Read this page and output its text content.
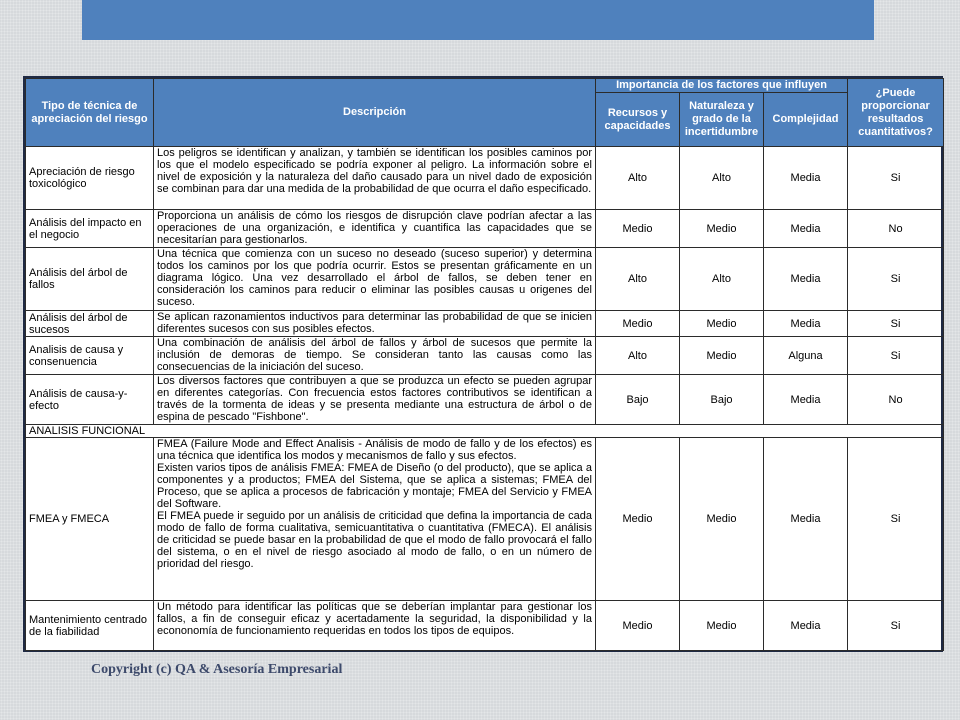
Tipo de técnica de apreciación del riesgo	Descripción	Importancia de los factores que influyen			¿Puede proporcionar resultados cuantitativos?
		Recursos y capacidades	Naturaleza y grado de la incertidumbre	Complejidad	
Apreciación de riesgo toxicológico	Los peligros se identifican y analizan, y también se identifican los posibles caminos por los que el modelo especificado se podría exponer al peligro. La información sobre el nivel de exposición y la naturaleza del daño causado para un nivel dado de exposición se combinan para dar una medida de la probabilidad de que ocurra el daño especificado.	Alto	Alto	Media	Si
Análisis del impacto en el negocio	Proporciona un análisis de cómo los riesgos de disrupción clave podrían afectar a las operaciones de una organización, e identifica y cuantifica las capacidades que se necesitarían para gestionarlos.	Medio	Medio	Media	No
Análisis del árbol de fallos	Una técnica que comienza con un suceso no deseado (suceso superior) y determina todos los caminos por los que podría ocurrir. Estos se presentan gráficamente en un diagrama lógico. Una vez desarrollado el árbol de fallos, se deben tener en consideración los caminos para reducir o eliminar las posibles causas u origenes del suceso.	Alto	Alto	Media	Si
Análisis del árbol de sucesos	Se aplican razonamientos inductivos para determinar las probabilidad de que se inicien diferentes sucesos con sus posibles efectos.	Medio	Medio	Media	Si
Analisis de causa y consenuencia	Una combinación de análisis del árbol de fallos y árbol de sucesos que permite la inclusión de demoras de tiempo. Se consideran tanto las causas como las consecuencias de la iniciación del suceso.	Alto	Medio	Alguna	Si
Análisis de causa-y-efecto	Los diversos factores que contribuyen a que se produzca un efecto se pueden agrupar en diferentes categorías. Con frecuencia estos factores contributivos se identifican a través de la tormenta de ideas y se presenta mediante una estructura de árbol o de espina de pescado "Fishbone".	Bajo	Bajo	Media	No
ANALISIS FUNCIONAL					
FMEA y FMECA	FMEA (Failure Mode and Effect Analisis - Análisis de modo de fallo y de los efectos) es una técnica que identifica los modos y mecanismos de fallo y sus efectos.
Existen varios tipos de análisis FMEA: FMEA de Diseño (o del producto), que se aplica a componentes y a productos; FMEA del Sistema, que se aplica a sistemas; FMEA del Proceso, que se aplica a procesos de fabricación y montaje; FMEA del Servicio y FMEA del Software.
El FMEA puede ir seguido por un análisis de criticidad que defina la importancia de cada modo de fallo de forma cualitativa, semicuantitativa o cuantitativa (FMECA). El análisis de criticidad se puede basar en la probabilidad de que el modo de fallo provocará el fallo del sistema, o en el nivel de riesgo asociado al modo de fallo, o en un número de prioridad del riesgo.	Medio	Medio	Media	Si
Mantenimiento centrado de la fiabilidad	Un método para identificar las políticas que se deberían implantar para gestionar los fallos, a fin de conseguir eficaz y acertadamente la seguridad, la disponibilidad y la econonomía de funcionamiento requeridas en todos los tipos de equipos.	Medio	Medio	Media	Si
Copyright (c) QA & Asesoría Empresarial
